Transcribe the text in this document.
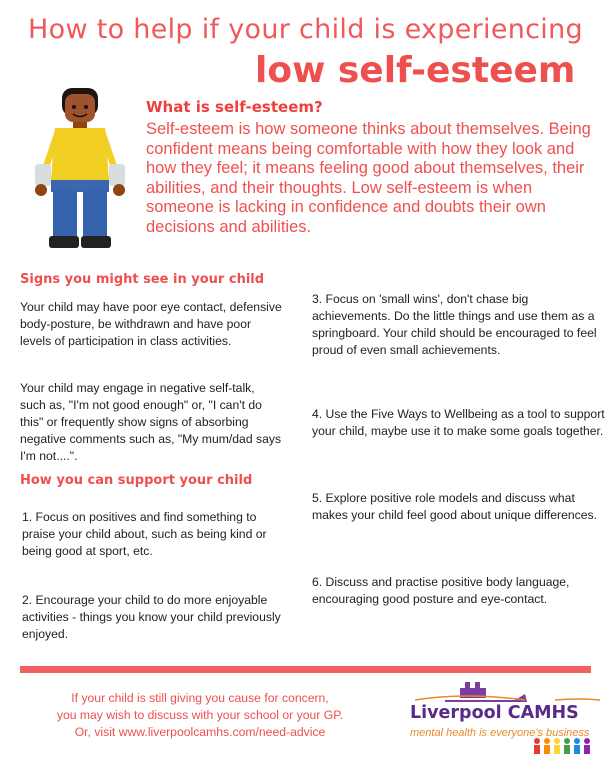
How to help if your child is experiencing
low self-esteem
What is self-esteem?
Self-esteem is how someone thinks about themselves. Being confident means being comfortable with how they look and how they feel; it means feeling good about themselves, their abilities, and their thoughts. Low self-esteem is when someone is lacking in confidence and doubts their own decisions and abilities.
Signs you might see in your child
Your child may have poor eye contact, defensive body-posture, be withdrawn and have poor levels of participation in class activities.
Your child may engage in negative self-talk, such as, "I'm not good enough" or, "I can't do this" or frequently show signs of absorbing negative comments such as, "My mum/dad says I'm not....".
How you can support your child
1. Focus on positives and find something to praise your child about, such as being kind or being good at sport, etc.
2. Encourage your child to do more enjoyable activities - things you know your child previously enjoyed.
3. Focus on 'small wins', don't chase big achievements. Do the little things and use them as a springboard. Your child should be encouraged to feel proud of even small achievements.
4. Use the Five Ways to Wellbeing as a tool to support your child, maybe use it to make some goals together.
5. Explore positive role models and discuss what makes your child feel good about unique differences.
6. Discuss and practise positive body language, encouraging good posture and eye-contact.
If your child is still giving you cause for concern,
you may wish to discuss with your school or your GP.
Or, visit www.liverpoolcamhs.com/need-advice
Liverpool CAMHS
mental health is everyone's business
